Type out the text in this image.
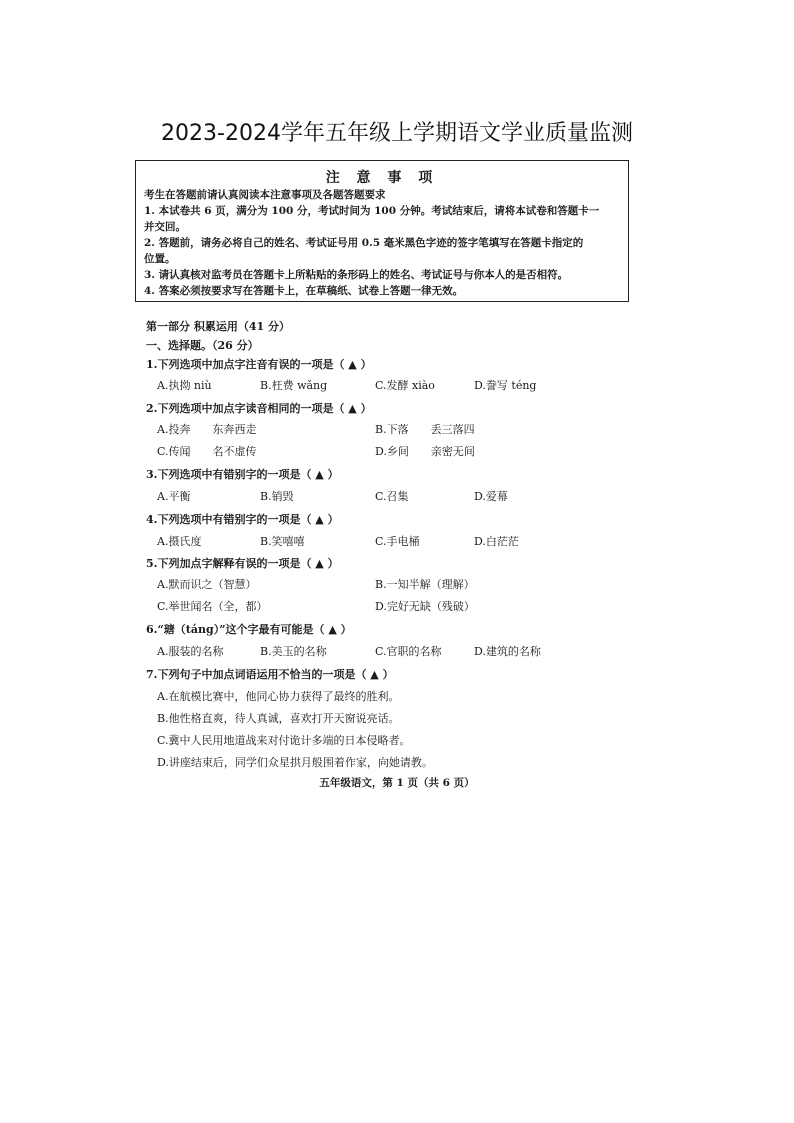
2023-2024学年五年级上学期语文学业质量监测
注 意 事 项
考生在答题前请认真阅读本注意事项及各题答题要求
1. 本试卷共 6 页，满分为 100 分，考试时间为 100 分钟。考试结束后，请将本试卷和答题卡一
并交回。
2. 答题前，请务必将自己的姓名、考试证号用 0.5 毫米黑色字迹的签字笔填写在答题卡指定的
位置。
3. 请认真核对监考员在答题卡上所粘贴的条形码上的姓名、考试证号与你本人的是否相符。
4. 答案必须按要求写在答题卡上，在草稿纸、试卷上答题一律无效。
第一部分 积累运用（41 分）
一、选择题。（26 分）
1.下列选项中加点字注音有误的一项是（ ▲ ）
A.执拗 niù	B.枉费 wǎng	C.发酵 xiào	D.誊写 téng
2.下列选项中加点字读音相同的一项是（ ▲ ）
A.投奔　　东奔西走	B.下落　　丢三落四
C.传闻　　名不虚传	D.乡间　　亲密无间
3.下列选项中有错别字的一项是（ ▲ ）
A.平衡	B.销毁	C.召集	D.爱幕
4.下列选项中有错别字的一项是（ ▲ ）
A.摄氏度	B.笑嘻嘻	C.手电桶	D.白茫茫
5.下列加点字解释有误的一项是（ ▲ ）
A.默而识之（智慧）	B.一知半解（理解）
C.举世闻名（全，都）	D.完好无缺（残破）
6.“瑭（táng）”这个字最有可能是（ ▲ ）
A.服装的名称	B.美玉的名称	C.官职的名称	D.建筑的名称
7.下列句子中加点词语运用不恰当的一项是（ ▲ ）
A.在航模比赛中，他同心协力获得了最终的胜利。
B.他性格直爽，待人真诚，喜欢打开天窗说亮话。
C.冀中人民用地道战来对付诡计多端的日本侵略者。
D.讲座结束后，同学们众星拱月般围着作家，向她请教。
五年级语文，第 1 页（共 6 页）
